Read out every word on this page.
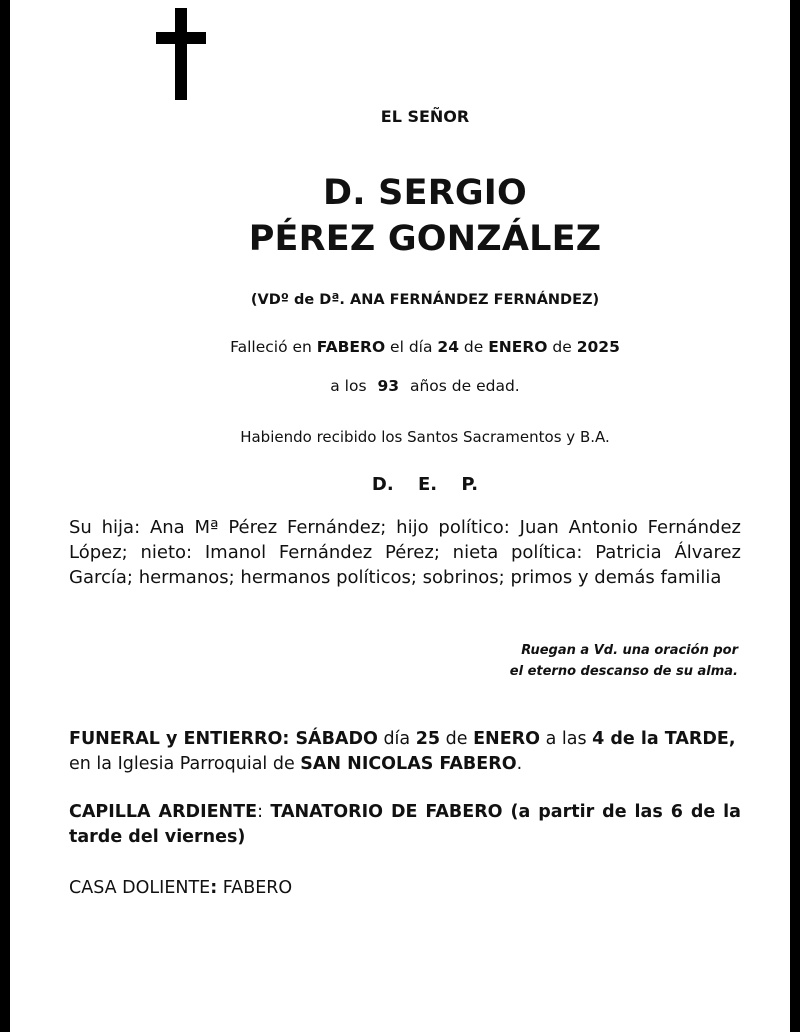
EL SEÑOR
D. SERGIO
PÉREZ GONZÁLEZ
(VDº de Dª. ANA FERNÁNDEZ FERNÁNDEZ)
Falleció en FABERO el día 24 de ENERO de 2025
a los 93 años de edad.
Habiendo recibido los Santos Sacramentos y B.A.
D. E. P.
Su hija: Ana Mª Pérez Fernández; hijo político: Juan Antonio Fernández López; nieto: Imanol Fernández Pérez; nieta política: Patricia Álvarez García; hermanos; hermanos políticos; sobrinos; primos y demás familia
Ruegan a Vd. una oración por
el eterno descanso de su alma.
FUNERAL y ENTIERRO: SÁBADO día 25 de ENERO a las 4 de la TARDE,
en la Iglesia Parroquial de SAN NICOLAS FABERO.
CAPILLA ARDIENTE: TANATORIO DE FABERO (a partir de las 6 de la tarde del viernes)
CASA DOLIENTE: FABERO
